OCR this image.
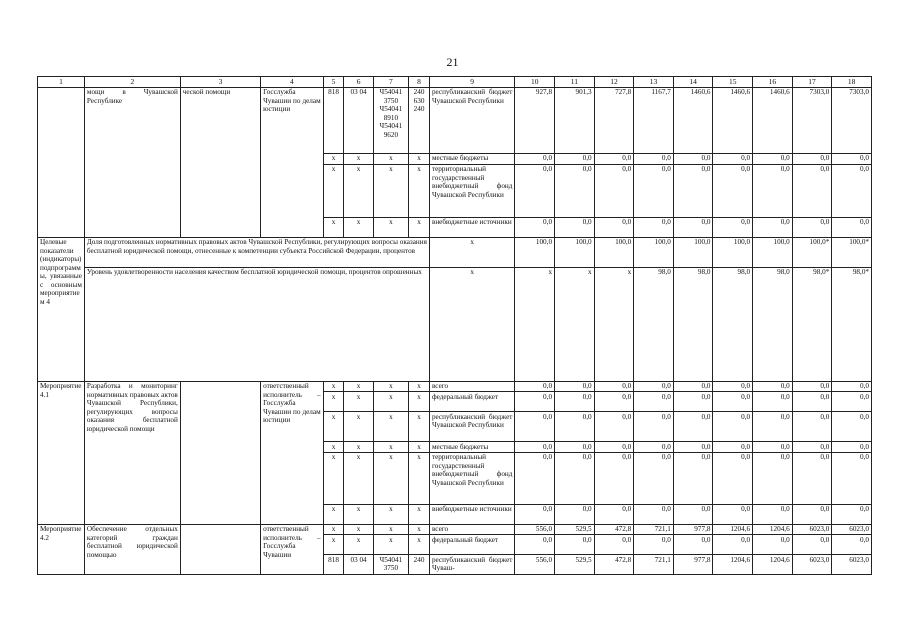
21
1	2	3	4	5	6	7	8	9	10	11	12	13	14	15	16	17	18
	мощи в Чувашской Республике	ческой помощи	Госслужба Чувашии по делам юстиции	818	03 04	Ч54041 3750 Ч54041 8910 Ч54041 9620	240 630 240	республиканский бюджет Чувашской Республики	927,8	901,3	727,8	1167,7	1460,6	1460,6	1460,6	7303,0	7303,0
				x	x	x	x	местные бюджеты	0,0	0,0	0,0	0,0	0,0	0,0	0,0	0,0	0,0
				x	x	x	x	территориальный государственный внебюджетный фонд Чувашской Республики	0,0	0,0	0,0	0,0	0,0	0,0	0,0	0,0	0,0
				x	x	x	x	внебюджетные источники	0,0	0,0	0,0	0,0	0,0	0,0	0,0	0,0	0,0
Целевые показатели (индикаторы) подпрограммы, увязанные с основным мероприятием 4	Доля подготовленных нормативных правовых актов Чувашской Республики, регулирующих вопросы оказания бесплатной юридической помощи, отнесенные к компетенции субъекта Российской Федерации, процентов							x	100,0	100,0	100,0	100,0	100,0	100,0	100,0	100,0*	100,0*
	Уровень удовлетворенности населения качеством бесплатной юридической помощи, процентов опрошенных							x	x	x	x	98,0	98,0	98,0	98,0	98,0*	98,0*
Мероприятие 4.1	Разработка и мониторинг нормативных правовых актов Чувашской Республики, регулирующих вопросы оказания бесплатной юридической помощи		ответственный исполнитель – Госслужба Чувашии по делам юстиции	x	x	x	x	всего	0,0	0,0	0,0	0,0	0,0	0,0	0,0	0,0	0,0
				x	x	x	x	федеральный бюджет	0,0	0,0	0,0	0,0	0,0	0,0	0,0	0,0	0,0
				x	x	x	x	республиканский бюджет Чувашской Республики	0,0	0,0	0,0	0,0	0,0	0,0	0,0	0,0	0,0
				x	x	x	x	местные бюджеты	0,0	0,0	0,0	0,0	0,0	0,0	0,0	0,0	0,0
				x	x	x	x	территориальный государственный внебюджетный фонд Чувашской Республики	0,0	0,0	0,0	0,0	0,0	0,0	0,0	0,0	0,0
				x	x	x	x	внебюджетные источники	0,0	0,0	0,0	0,0	0,0	0,0	0,0	0,0	0,0
Мероприятие 4.2	Обеспечение отдельных категорий граждан бесплатной юридической помощью		ответственный исполнитель – Госслужба Чувашии	x	x	x	x	всего	556,0	529,5	472,8	721,1	977,8	1204,6	1204,6	6023,0	6023,0
				x	x	x	x	федеральный бюджет	0,0	0,0	0,0	0,0	0,0	0,0	0,0	0,0	0,0
				818	03 04	Ч54041 3750	240	республиканский бюджет Чуваш-	556,0	529,5	472,8	721,1	977,8	1204,6	1204,6	6023,0	6023,0
